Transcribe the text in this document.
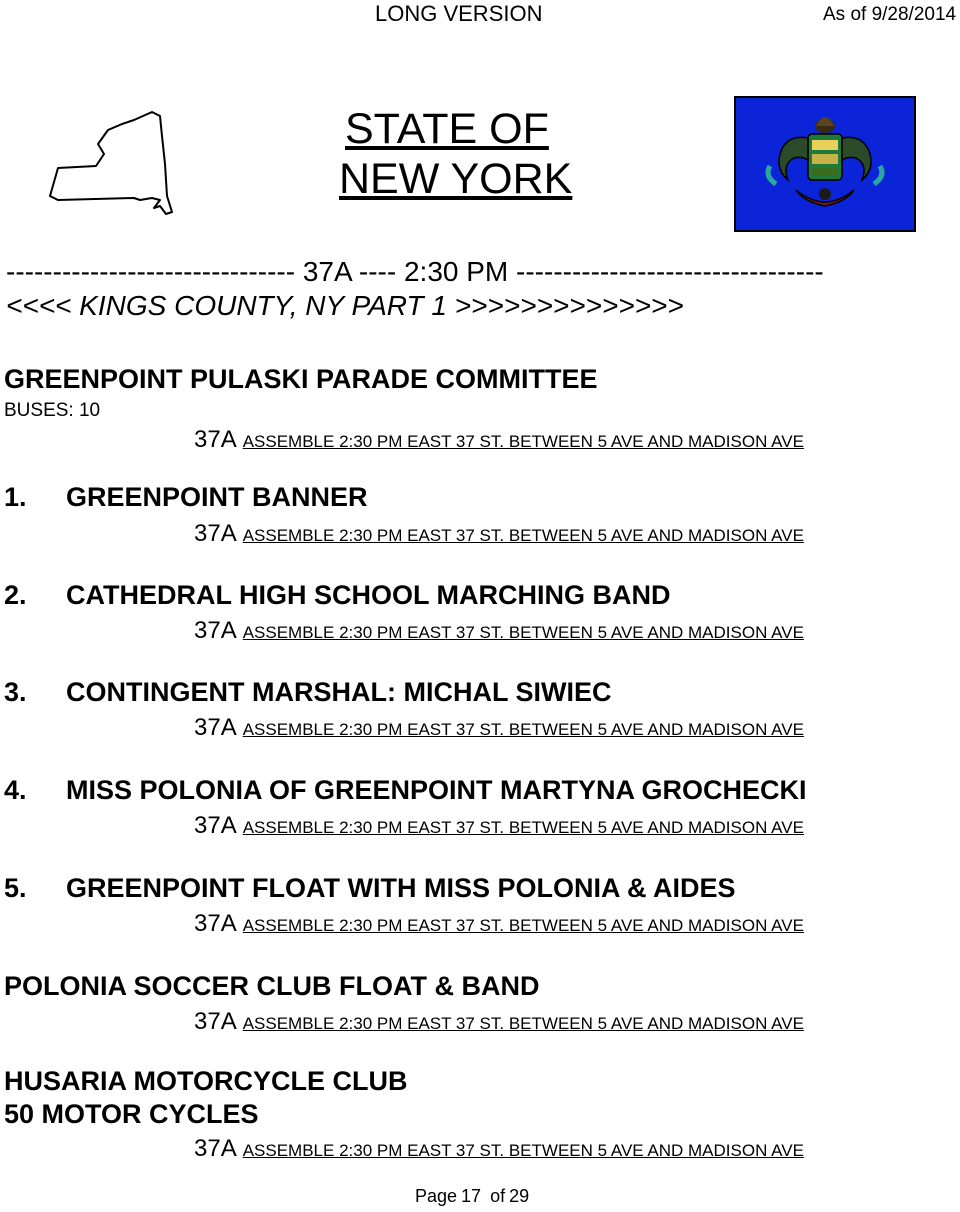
LONG VERSION	As of 9/28/2014
STATE OF
NEW YORK
------------------------------- 37A ---- 2:30 PM ---------------------------------
<<<< KINGS COUNTY, NY PART 1 >>>>>>>>>>>>>>
GREENPOINT PULASKI PARADE COMMITTEE
BUSES: 10
37A ASSEMBLE 2:30 PM EAST 37 ST. BETWEEN 5 AVE AND MADISON AVE
1. GREENPOINT BANNER
37A ASSEMBLE 2:30 PM EAST 37 ST. BETWEEN 5 AVE AND MADISON AVE
2. CATHEDRAL HIGH SCHOOL MARCHING BAND
37A ASSEMBLE 2:30 PM EAST 37 ST. BETWEEN 5 AVE AND MADISON AVE
3. CONTINGENT MARSHAL: MICHAL SIWIEC
37A ASSEMBLE 2:30 PM EAST 37 ST. BETWEEN 5 AVE AND MADISON AVE
4. MISS POLONIA OF GREENPOINT MARTYNA GROCHECKI
37A ASSEMBLE 2:30 PM EAST 37 ST. BETWEEN 5 AVE AND MADISON AVE
5. GREENPOINT FLOAT WITH MISS POLONIA & AIDES
37A ASSEMBLE 2:30 PM EAST 37 ST. BETWEEN 5 AVE AND MADISON AVE
POLONIA SOCCER CLUB FLOAT & BAND
37A ASSEMBLE 2:30 PM EAST 37 ST. BETWEEN 5 AVE AND MADISON AVE
HUSARIA MOTORCYCLE CLUB
50 MOTOR CYCLES
37A ASSEMBLE 2:30 PM EAST 37 ST. BETWEEN 5 AVE AND MADISON AVE
Page 17 of 29
